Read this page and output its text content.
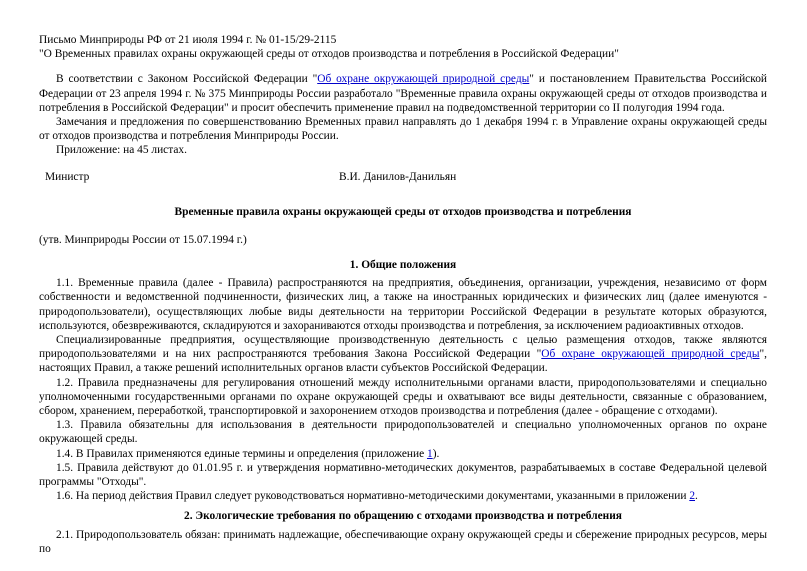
Письмо Минприроды РФ от 21 июля 1994 г. № 01-15/29-2115

"О Временных правилах охраны окружающей среды от отходов производства и потребления в Российской Федерации"

В соответствии с Законом Российской Федерации "Об охране окружающей природной среды" и постановлением Правительства Российской Федерации от 23 апреля 1994 г. № 375 Минприроды России разработало "Временные правила охраны окружающей среды от отходов производства и потребления в Российской Федерации" и просит обеспечить применение правил на подведомственной территории со II полугодия 1994 года.

Замечания и предложения по совершенствованию Временных правил направлять до 1 декабря 1994 г. в Управление охраны окружающей среды от отходов производства и потребления Минприроды России.

Приложение: на 45 листах.

Министр	В.И. Данилов-Данильян

Временные правила охраны окружающей среды от отходов производства и потребления

(утв. Минприроды России от 15.07.1994 г.)

1. Общие положения

1.1. Временные правила (далее - Правила) распространяются на предприятия, объединения, организации, учреждения, независимо от форм собственности и ведомственной подчиненности, физических лиц, а также на иностранных юридических и физических лиц (далее именуются - природопользователи), осуществляющих любые виды деятельности на территории Российской Федерации в результате которых образуются, используются, обезвреживаются, складируются и захораниваются отходы производства и потребления, за исключением радиоактивных отходов.

Специализированные предприятия, осуществляющие производственную деятельность с целью размещения отходов, также являются природопользователями и на них распространяются требования Закона Российской Федерации "Об охране окружающей природной среды", настоящих Правил, а также решений исполнительных органов власти субъектов Российской Федерации.

1.2. Правила предназначены для регулирования отношений между исполнительными органами власти, природопользователями и специально уполномоченными государственными органами по охране окружающей среды и охватывают все виды деятельности, связанные с образованием, сбором, хранением, переработкой, транспортировкой и захоронением отходов производства и потребления (далее - обращение с отходами).

1.3. Правила обязательны для использования в деятельности природопользователей и специально уполномоченных органов по охране окружающей среды.

1.4. В Правилах применяются единые термины и определения (приложение 1).

1.5. Правила действуют до 01.01.95 г. и утверждения нормативно-методических документов, разрабатываемых в составе Федеральной целевой программы "Отходы".

1.6. На период действия Правил следует руководствоваться нормативно-методическими документами, указанными в приложении 2.

2. Экологические требования по обращению с отходами производства и потребления

2.1. Природопользователь обязан: принимать надлежащие, обеспечивающие охрану окружающей среды и сбережение природных ресурсов, меры по
